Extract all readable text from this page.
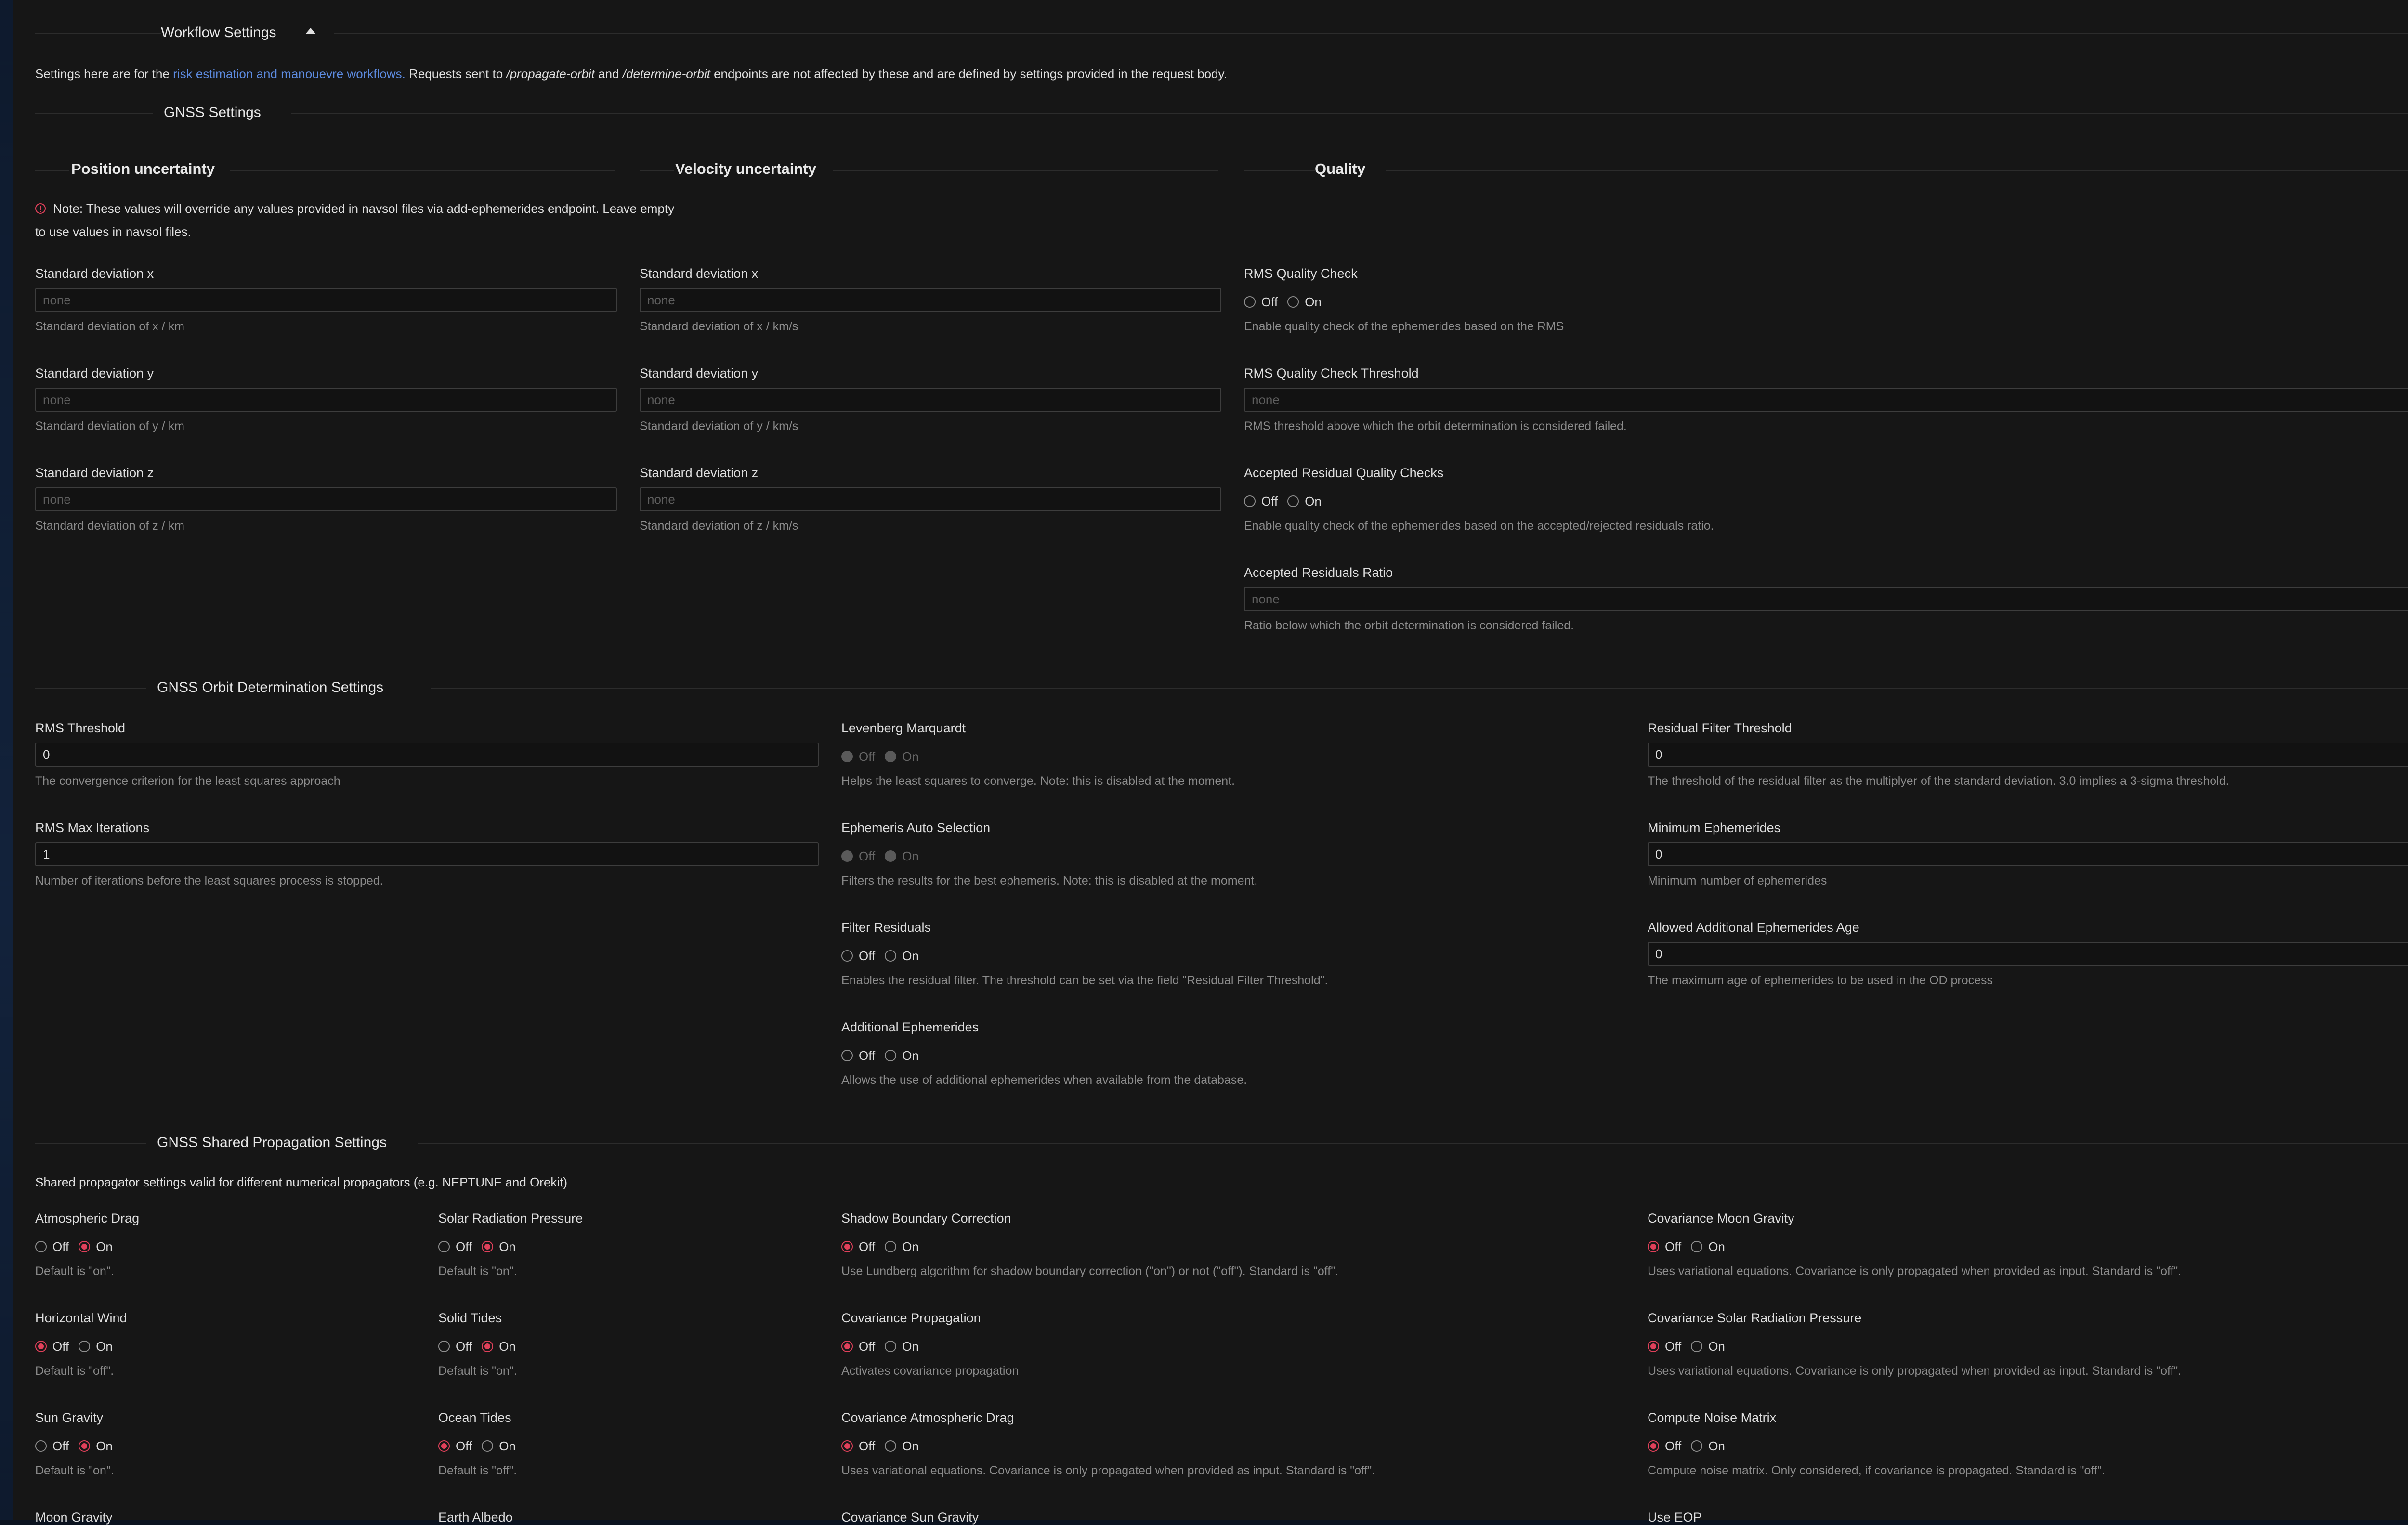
Workflow Settings
Settings here are for the risk estimation and manouevre workflows. Requests sent to /propagate-orbit and /determine-orbit endpoints are not affected by these and are defined by settings provided in the request body.
GNSS Settings
Position uncertainty
Note: These values will override any values provided in navsol files via add-ephemerides endpoint. Leave empty
to use values in navsol files.
Standard deviation x
none
Standard deviation of x / km
Standard deviation y
none
Standard deviation of y / km
Standard deviation z
none
Standard deviation of z / km
Velocity uncertainty
Standard deviation x
none
Standard deviation of x / km/s
Standard deviation y
none
Standard deviation of y / km/s
Standard deviation z
none
Standard deviation of z / km/s
Quality
RMS Quality Check
Off On
Enable quality check of the ephemerides based on the RMS
RMS Quality Check Threshold
none
RMS threshold above which the orbit determination is considered failed.
Accepted Residual Quality Checks
Off On
Enable quality check of the ephemerides based on the accepted/rejected residuals ratio.
Accepted Residuals Ratio
none
Ratio below which the orbit determination is considered failed.
GNSS Orbit Determination Settings
RMS Threshold
0
The convergence criterion for the least squares approach
RMS Max Iterations
1
Number of iterations before the least squares process is stopped.
Levenberg Marquardt
Off On
Helps the least squares to converge. Note: this is disabled at the moment.
Ephemeris Auto Selection
Off On
Filters the results for the best ephemeris. Note: this is disabled at the moment.
Filter Residuals
Off On
Enables the residual filter. The threshold can be set via the field "Residual Filter Threshold".
Additional Ephemerides
Off On
Allows the use of additional ephemerides when available from the database.
Residual Filter Threshold
0
The threshold of the residual filter as the multiplyer of the standard deviation. 3.0 implies a 3-sigma threshold.
Minimum Ephemerides
0
Minimum number of ephemerides
Allowed Additional Ephemerides Age
0
The maximum age of ephemerides to be used in the OD process
GNSS Shared Propagation Settings
Shared propagator settings valid for different numerical propagators (e.g. NEPTUNE and Orekit)
Atmospheric Drag
Off On
Default is "on".
Horizontal Wind
Off On
Default is "off".
Sun Gravity
Off On
Default is "on".
Moon Gravity
Solar Radiation Pressure
Off On
Default is "on".
Solid Tides
Off On
Default is "on".
Ocean Tides
Off On
Default is "off".
Earth Albedo
Shadow Boundary Correction
Off On
Use Lundberg algorithm for shadow boundary correction ("on") or not ("off"). Standard is "off".
Covariance Propagation
Off On
Activates covariance propagation
Covariance Atmospheric Drag
Off On
Uses variational equations. Covariance is only propagated when provided as input. Standard is "off".
Covariance Sun Gravity
Covariance Moon Gravity
Off On
Uses variational equations. Covariance is only propagated when provided as input. Standard is "off".
Covariance Solar Radiation Pressure
Off On
Uses variational equations. Covariance is only propagated when provided as input. Standard is "off".
Compute Noise Matrix
Off On
Compute noise matrix. Only considered, if covariance is propagated. Standard is "off".
Use EOP
